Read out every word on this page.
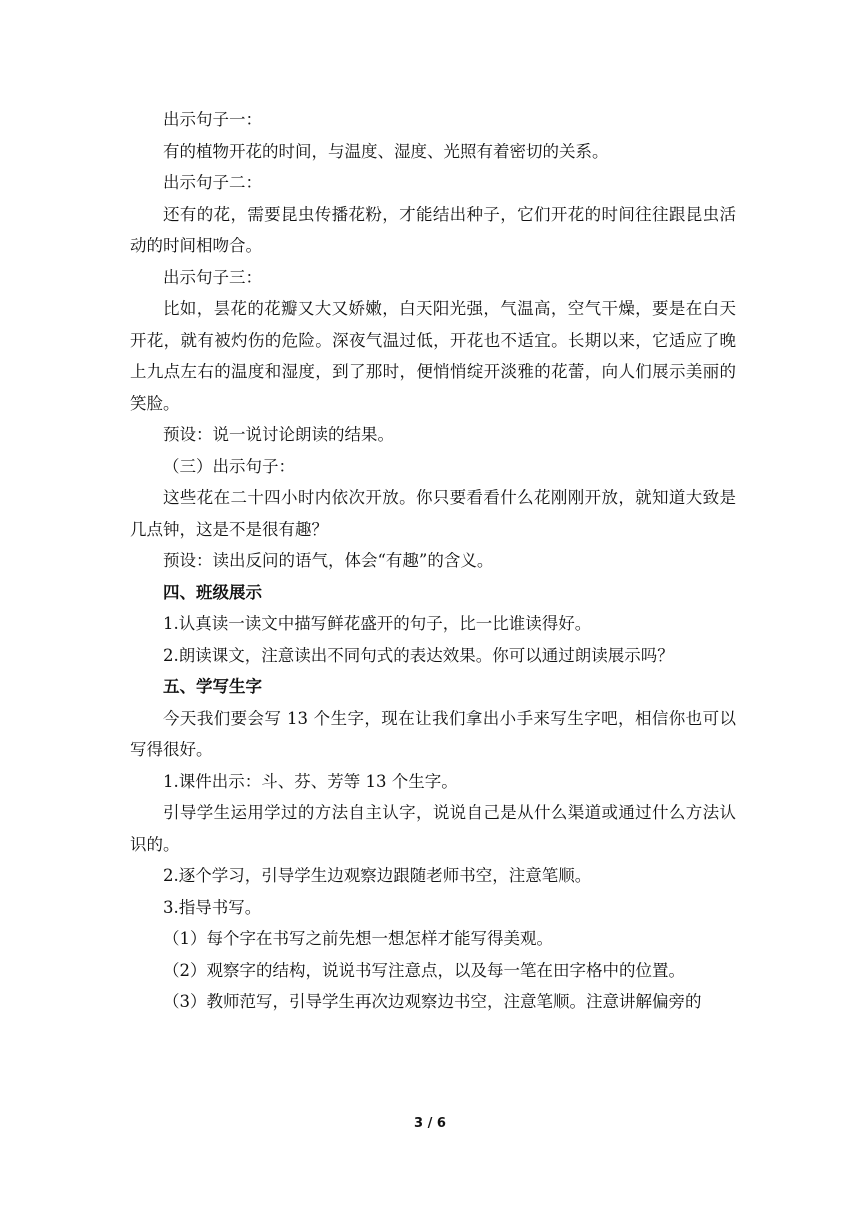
出示句子一：

有的植物开花的时间，与温度、湿度、光照有着密切的关系。

出示句子二：

还有的花，需要昆虫传播花粉，才能结出种子，它们开花的时间往往跟昆虫活动的时间相吻合。

出示句子三：

比如，昙花的花瓣又大又娇嫩，白天阳光强，气温高，空气干燥，要是在白天开花，就有被灼伤的危险。深夜气温过低，开花也不适宜。长期以来，它适应了晚上九点左右的温度和湿度，到了那时，便悄悄绽开淡雅的花蕾，向人们展示美丽的笑脸。

预设：说一说讨论朗读的结果。

（三）出示句子：

这些花在二十四小时内依次开放。你只要看看什么花刚刚开放，就知道大致是几点钟，这是不是很有趣？

预设：读出反问的语气，体会“有趣”的含义。

四、班级展示

1.认真读一读文中描写鲜花盛开的句子，比一比谁读得好。

2.朗读课文，注意读出不同句式的表达效果。你可以通过朗读展示吗？

五、学写生字

今天我们要会写 13 个生字，现在让我们拿出小手来写生字吧，相信你也可以写得很好。

1.课件出示：斗、芬、芳等 13 个生字。

引导学生运用学过的方法自主认字，说说自己是从什么渠道或通过什么方法认识的。

2.逐个学习，引导学生边观察边跟随老师书空，注意笔顺。

3.指导书写。

（1）每个字在书写之前先想一想怎样才能写得美观。

（2）观察字的结构，说说书写注意点，以及每一笔在田字格中的位置。

（3）教师范写，引导学生再次边观察边书空，注意笔顺。注意讲解偏旁的

3 / 6
